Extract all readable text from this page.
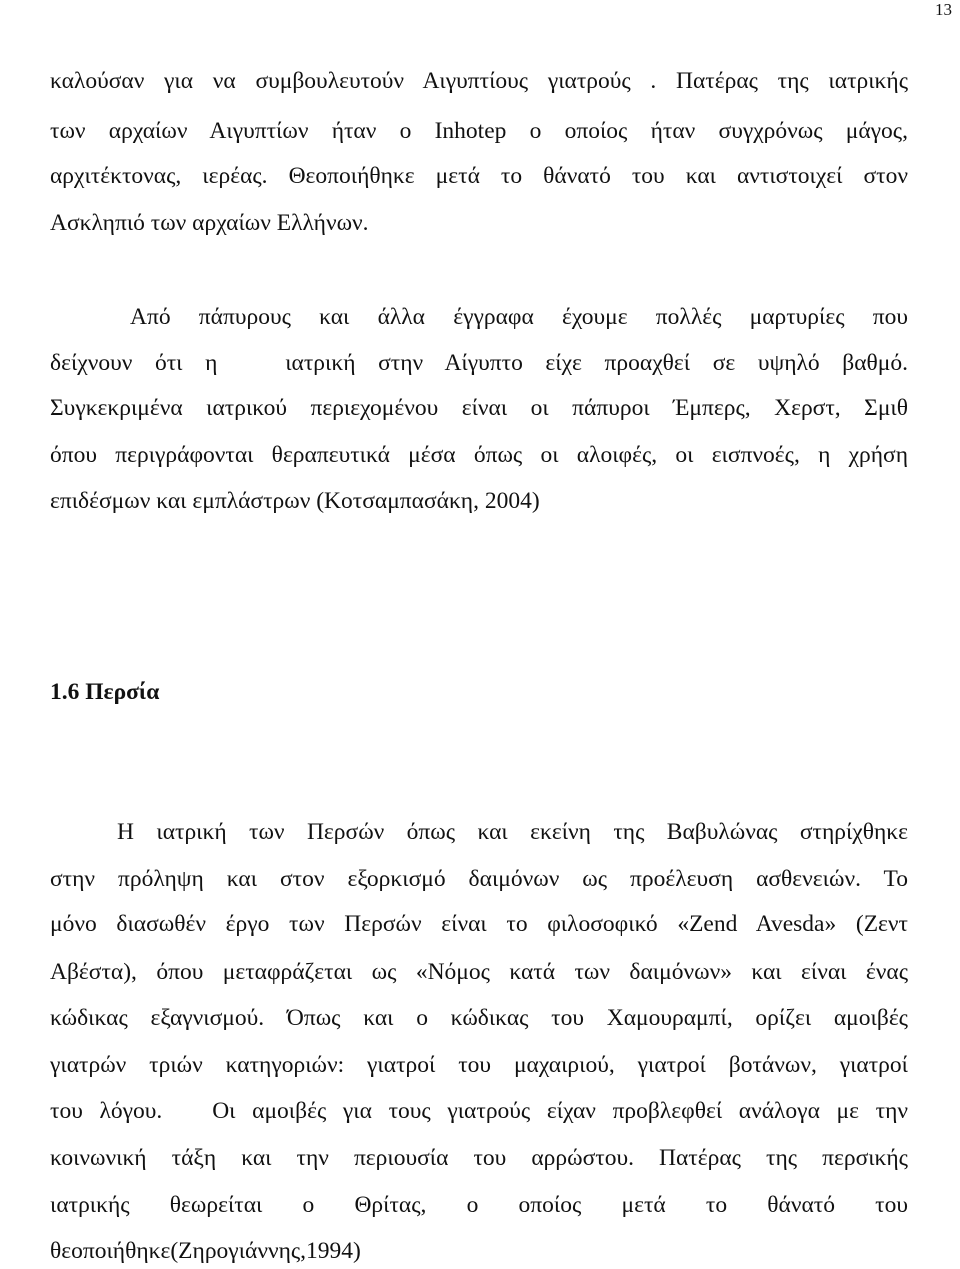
13
καλούσαν για να συμβουλευτούν Αιγυπτίους γιατρούς . Πατέρας της ιατρικής
των αρχαίων Αιγυπτίων ήταν ο Inhotep ο οποίος ήταν συγχρόνως μάγος,
αρχιτέκτονας, ιερέας. Θεοποιήθηκε μετά το θάνατό του και αντιστοιχεί στον
Ασκληπιό των αρχαίων Ελλήνων.
Από πάπυρους και άλλα έγγραφα έχουμε πολλές μαρτυρίες που
δείχνουν ότι η   ιατρική στην Αίγυπτο είχε προαχθεί σε υψηλό βαθμό.
Συγκεκριμένα ιατρικού περιεχομένου είναι οι πάπυροι Έμπερς, Χερστ, Σμιθ
όπου περιγράφονται θεραπευτικά μέσα όπως οι αλοιφές, οι εισπνοές, η χρήση
επιδέσμων και εμπλάστρων (Κοτσαμπασάκη, 2004)
1.6 Περσία
Η ιατρική των Περσών όπως και εκείνη της Βαβυλώνας στηρίχθηκε
στην πρόληψη και στον εξορκισμό δαιμόνων ως προέλευση ασθενειών. Το
μόνο διασωθέν έργο των Περσών είναι το φιλοσοφικό «Zend Avesda» (Ζεντ
Αβέστα), όπου μεταφράζεται ως «Νόμος κατά των δαιμόνων» και είναι ένας
κώδικας εξαγνισμού. Όπως και ο κώδικας του Χαμουραμπί, ορίζει αμοιβές
γιατρών τριών κατηγοριών: γιατροί του μαχαιριού, γιατροί βοτάνων, γιατροί
του λόγου.   Οι αμοιβές για τους γιατρούς είχαν προβλεφθεί ανάλογα με την
κοινωνική τάξη και την περιουσία του αρρώστου. Πατέρας της περσικής
ιατρικής θεωρείται ο Θρίτας, ο οποίος μετά το θάνατό του
θεοποιήθηκε(Ζηρογιάννης,1994)
